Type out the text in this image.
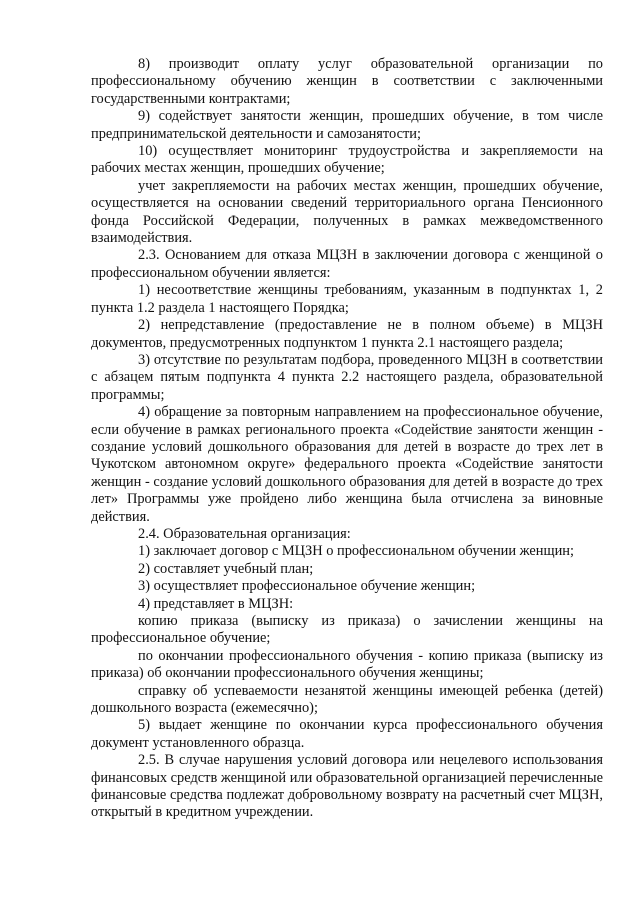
8) производит оплату услуг образовательной организации по профессиональному обучению женщин в соответствии с заключенными государственными контрактами;

9) содействует занятости женщин, прошедших обучение, в том числе предпринимательской деятельности и самозанятости;

10) осуществляет мониторинг трудоустройства и закрепляемости на рабочих местах женщин, прошедших обучение;

учет закрепляемости на рабочих местах женщин, прошедших обучение, осуществляется на основании сведений территориального органа Пенсионного фонда Российской Федерации, полученных в рамках межведомственного взаимодействия.

2.3. Основанием для отказа МЦЗН в заключении договора с женщиной о профессиональном обучении является:

1) несоответствие женщины требованиям, указанным в подпунктах 1, 2 пункта 1.2 раздела 1 настоящего Порядка;

2) непредставление (предоставление не в полном объеме) в МЦЗН документов, предусмотренных подпунктом 1 пункта 2.1 настоящего раздела;

3) отсутствие по результатам подбора, проведенного МЦЗН в соответствии с абзацем пятым подпункта 4 пункта 2.2 настоящего раздела, образовательной программы;

4) обращение за повторным направлением на профессиональное обучение, если обучение в рамках регионального проекта «Содействие занятости женщин - создание условий дошкольного образования для детей в возрасте до трех лет в Чукотском автономном округе» федерального проекта «Содействие занятости женщин - создание условий дошкольного образования для детей в возрасте до трех лет» Программы уже пройдено либо женщина была отчислена за виновные действия.

2.4. Образовательная организация:

1) заключает договор с МЦЗН о профессиональном обучении женщин;

2) составляет учебный план;

3) осуществляет профессиональное обучение женщин;

4) представляет в МЦЗН:

копию приказа (выписку из приказа) о зачислении женщины на профессиональное обучение;

по окончании профессионального обучения - копию приказа (выписку из приказа) об окончании профессионального обучения женщины;

справку об успеваемости незанятой женщины имеющей ребенка (детей) дошкольного возраста (ежемесячно);

5) выдает женщине по окончании курса профессионального обучения документ установленного образца.

2.5. В случае нарушения условий договора или нецелевого использования финансовых средств женщиной или образовательной организацией перечисленные финансовые средства подлежат добровольному возврату на расчетный счет МЦЗН, открытый в кредитном учреждении.
